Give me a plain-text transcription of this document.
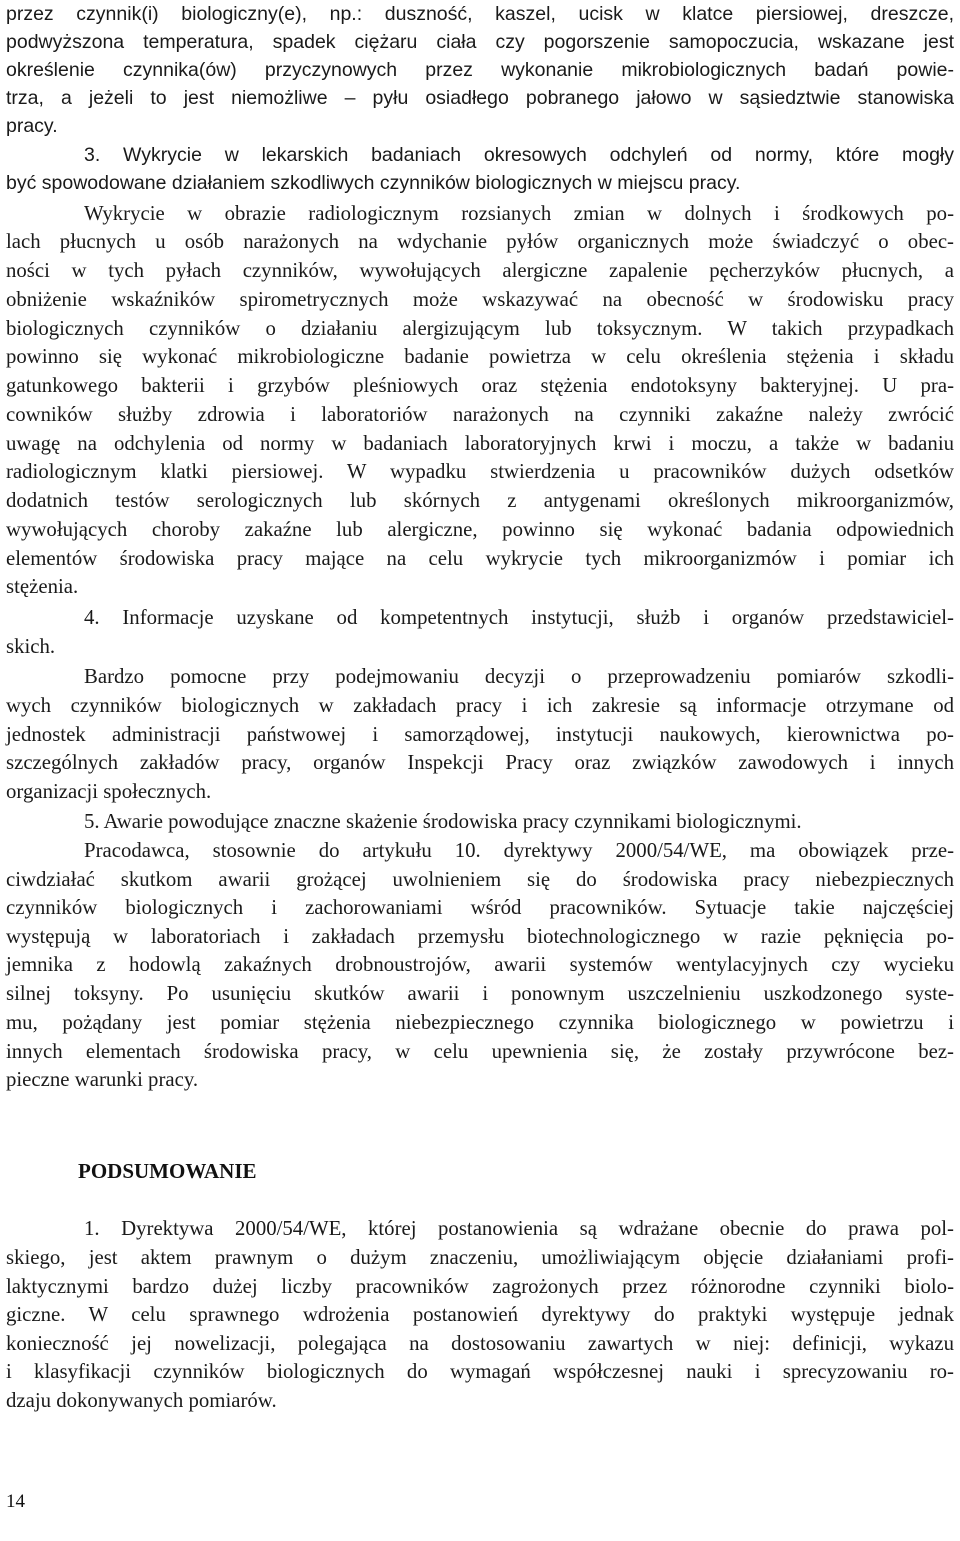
przez czynnik(i) biologiczny(e), np.: duszność, kaszel, ucisk w klatce piersiowej, dreszcze,
podwyższona temperatura, spadek ciężaru ciała czy pogorszenie samopoczucia, wskazane jest
określenie czynnika(ów) przyczynowych przez wykonanie mikrobiologicznych badań powie-
trza, a jeżeli to jest niemożliwe – pyłu osiadłego pobranego jałowo w sąsiedztwie stanowiska
pracy.
3. Wykrycie w lekarskich badaniach okresowych odchyleń od normy, które mogły
być spowodowane działaniem szkodliwych czynników biologicznych w miejscu pracy.
Wykrycie w obrazie radiologicznym rozsianych zmian w dolnych i środkowych po-
lach płucnych u osób narażonych na wdychanie pyłów organicznych może świadczyć o obec-
ności w tych pyłach czynników, wywołujących alergiczne zapalenie pęcherzyków płucnych, a
obniżenie wskaźników spirometrycznych może wskazywać na obecność w środowisku pracy
biologicznych czynników o działaniu alergizującym lub toksycznym. W takich przypadkach
powinno się wykonać mikrobiologiczne badanie powietrza w celu określenia stężenia i składu
gatunkowego bakterii i grzybów pleśniowych oraz stężenia endotoksyny bakteryjnej. U pra-
cowników służby zdrowia i laboratoriów narażonych na czynniki zakaźne należy zwrócić
uwagę na odchylenia od normy w badaniach laboratoryjnych krwi i moczu, a także w badaniu
radiologicznym klatki piersiowej. W wypadku stwierdzenia u pracowników dużych odsetków
dodatnich testów serologicznych lub skórnych z antygenami określonych mikroorganizmów,
wywołujących choroby zakaźne lub alergiczne, powinno się wykonać badania odpowiednich
elementów środowiska pracy mające na celu wykrycie tych mikroorganizmów i pomiar ich
stężenia.
4. Informacje uzyskane od kompetentnych instytucji, służb i organów przedstawiciel-
skich.
Bardzo pomocne przy podejmowaniu decyzji o przeprowadzeniu pomiarów szkodli-
wych czynników biologicznych w zakładach pracy i ich zakresie są informacje otrzymane od
jednostek administracji państwowej i samorządowej, instytucji naukowych, kierownictwa po-
szczególnych zakładów pracy, organów Inspekcji Pracy oraz związków zawodowych i innych
organizacji społecznych.
5. Awarie powodujące znaczne skażenie środowiska pracy czynnikami biologicznymi.
Pracodawca, stosownie do artykułu 10. dyrektywy 2000/54/WE, ma obowiązek prze-
ciwdziałać skutkom awarii grożącej uwolnieniem się do środowiska pracy niebezpiecznych
czynników biologicznych i zachorowaniami wśród pracowników. Sytuacje takie najczęściej
występują w laboratoriach i zakładach przemysłu biotechnologicznego w razie pęknięcia po-
jemnika z hodowlą zakaźnych drobnoustrojów, awarii systemów wentylacyjnych czy wycieku
silnej toksyny. Po usunięciu skutków awarii i ponownym uszczelnieniu uszkodzonego syste-
mu, pożądany jest pomiar stężenia niebezpiecznego czynnika biologicznego w powietrzu i
innych elementach środowiska pracy, w celu upewnienia się, że zostały przywrócone bez-
pieczne warunki pracy.
PODSUMOWANIE
1. Dyrektywa 2000/54/WE, której postanowienia są wdrażane obecnie do prawa pol-
skiego, jest aktem prawnym o dużym znaczeniu, umożliwiającym objęcie działaniami profi-
laktycznymi bardzo dużej liczby pracowników zagrożonych przez różnorodne czynniki biolo-
giczne. W celu sprawnego wdrożenia postanowień dyrektywy do praktyki występuje jednak
konieczność jej nowelizacji, polegająca na dostosowaniu zawartych w niej: definicji, wykazu
i klasyfikacji czynników biologicznych do wymagań współczesnej nauki i sprecyzowaniu ro-
dzaju dokonywanych pomiarów.
14
